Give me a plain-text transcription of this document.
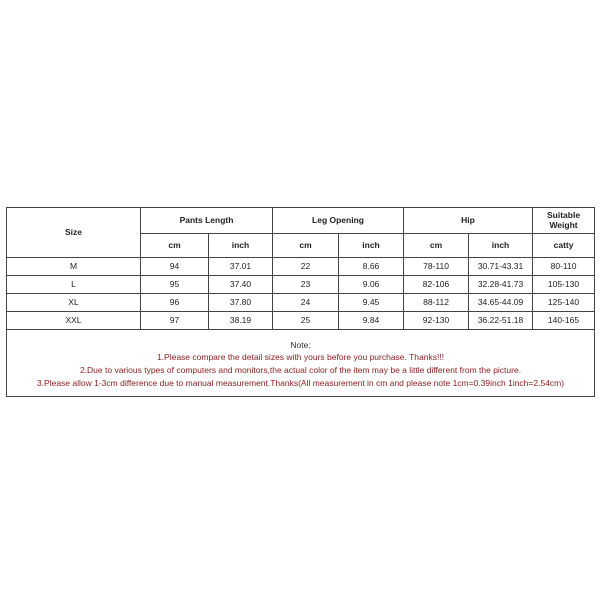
Size	Pants Length		Leg Opening		Hip		Suitable Weight
	cm	inch	cm	inch	cm	inch	catty
M	94	37.01	22	8.66	78-110	30.71-43.31	80-110
L	95	37.40	23	9.06	82-106	32.28-41.73	105-130
XL	96	37.80	24	9.45	88-112	34.65-44.09	125-140
XXL	97	38.19	25	9.84	92-130	36.22-51.18	140-165

Note:
1.Please compare the detail sizes with yours before you purchase. Thanks!!!
2.Due to various types of computers and monitors,the actual color of the item may be a little different from the picture.
3.Please allow 1-3cm difference due to manual measurement.Thanks(All measurement in cm and please note 1cm=0.39inch 1inch=2.54cm)							
